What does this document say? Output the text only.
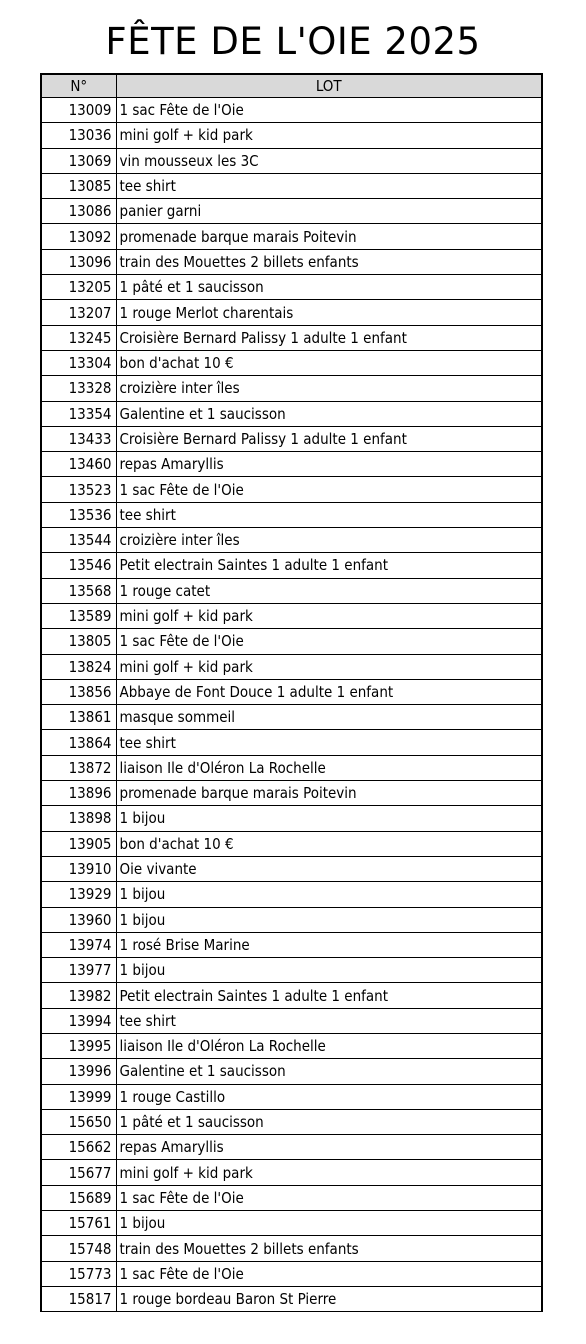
FÊTE DE L'OIE 2025
N°	LOT
13009	1 sac Fête de l'Oie
13036	mini golf + kid park
13069	vin mousseux les 3C
13085	tee shirt
13086	panier garni
13092	promenade barque marais Poitevin
13096	train des Mouettes 2 billets enfants
13205	1 pâté et 1 saucisson
13207	1 rouge Merlot charentais
13245	Croisière Bernard Palissy 1 adulte 1 enfant
13304	bon d'achat 10 €
13328	croizière inter îles
13354	Galentine et 1 saucisson
13433	Croisière Bernard Palissy 1 adulte 1 enfant
13460	repas Amaryllis
13523	1 sac Fête de l'Oie
13536	tee shirt
13544	croizière inter îles
13546	Petit electrain Saintes 1 adulte 1 enfant
13568	1 rouge catet
13589	mini golf + kid park
13805	1 sac Fête de l'Oie
13824	mini golf + kid park
13856	Abbaye de Font Douce 1 adulte 1 enfant
13861	masque sommeil
13864	tee shirt
13872	liaison Ile d'Oléron La Rochelle
13896	promenade barque marais Poitevin
13898	1 bijou
13905	bon d'achat 10 €
13910	Oie vivante
13929	1 bijou
13960	1 bijou
13974	1 rosé Brise Marine
13977	1 bijou
13982	Petit electrain Saintes 1 adulte 1 enfant
13994	tee shirt
13995	liaison Ile d'Oléron La Rochelle
13996	Galentine et 1 saucisson
13999	1 rouge Castillo
15650	1 pâté et 1 saucisson
15662	repas Amaryllis
15677	mini golf + kid park
15689	1 sac Fête de l'Oie
15761	1 bijou
15748	train des Mouettes 2 billets enfants
15773	1 sac Fête de l'Oie
15817	1 rouge bordeau Baron St Pierre
